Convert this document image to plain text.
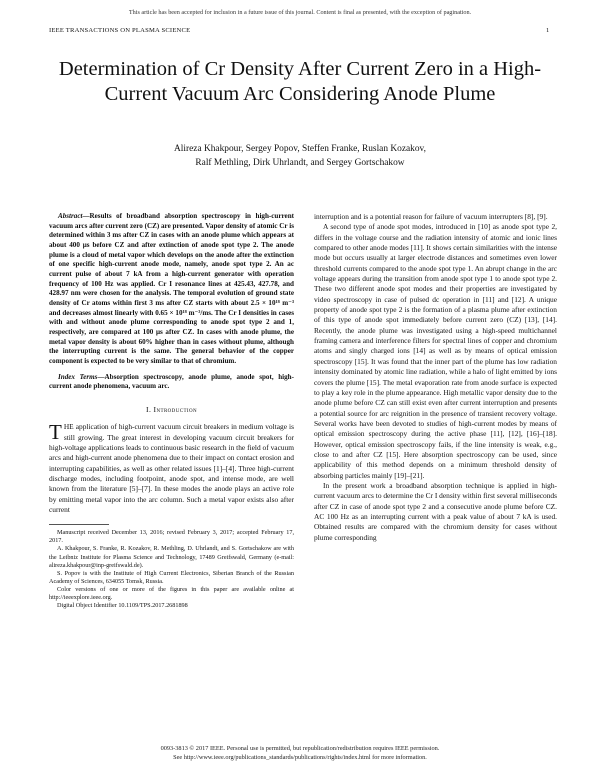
This article has been accepted for inclusion in a future issue of this journal. Content is final as presented, with the exception of pagination.
IEEE TRANSACTIONS ON PLASMA SCIENCE	1
Determination of Cr Density After Current Zero in a High-Current Vacuum Arc Considering Anode Plume
Alireza Khakpour, Sergey Popov, Steffen Franke, Ruslan Kozakov,
Ralf Methling, Dirk Uhrlandt, and Sergey Gortschakow

Abstract—Results of broadband absorption spectroscopy in high-current vacuum arcs after current zero (CZ) are presented. Vapor density of atomic Cr is determined within 3 ms after CZ in cases with an anode plume which appears at about 400 μs before CZ and after extinction of anode spot type 2. The anode plume is a cloud of metal vapor which develops on the anode after the extinction of one specific high-current anode mode, namely, anode spot type 2. An ac current pulse of about 7 kA from a high-current generator with operation frequency of 100 Hz was applied. Cr I resonance lines at 425.43, 427.78, and 428.97 nm were chosen for the analysis. The temporal evolution of ground state density of Cr atoms within first 3 ms after CZ starts with about 2.5 × 10¹⁸ m⁻³ and decreases almost linearly with 0.65 × 10¹⁸ m⁻³/ms. The Cr I densities in cases with and without anode plume corresponding to anode spot type 2 and 1, respectively, are compared at 100 μs after CZ. In cases with anode plume, the metal vapor density is about 60% higher than in cases without plume, although the interrupting current is the same. The general behavior of the copper component is expected to be very similar to that of chromium.

Index Terms—Absorption spectroscopy, anode plume, anode spot, high-current anode phenomena, vacuum arc.

I. Introduction

THE application of high-current vacuum circuit breakers in medium voltage is still growing. The great interest in developing vacuum circuit breakers for high-voltage applications leads to continuous basic research in the field of vacuum arcs and high-current anode phenomena due to their impact on contact erosion and interrupting capabilities, as well as other related issues [1]–[4]. Three high-current discharge modes, including footpoint, anode spot, and intense mode, are well known from the literature [5]–[7]. In these modes the anode plays an active role by emitting metal vapor into the arc column. Such a metal vapor exists also after current

Manuscript received December 13, 2016; revised February 3, 2017; accepted February 17, 2017.

A. Khakpour, S. Franke, R. Kozakov, R. Methling, D. Uhrlandt, and S. Gortschakow are with the Leibniz Institute for Plasma Science and Technology, 17489 Greifswald, Germany (e-mail: alireza.khakpour@inp-greifswald.de).

S. Popov is with the Institute of High Current Electronics, Siberian Branch of the Russian Academy of Sciences, 634055 Tomsk, Russia.

Color versions of one or more of the figures in this paper are available online at http://ieeexplore.ieee.org.

Digital Object Identifier 10.1109/TPS.2017.2681898

interruption and is a potential reason for failure of vacuum interrupters [8], [9].

A second type of anode spot modes, introduced in [10] as anode spot type 2, differs in the voltage course and the radiation intensity of atomic and ionic lines compared to other anode modes [11]. It shows certain similarities with the intense mode but occurs usually at larger electrode distances and sometimes even lower threshold currents compared to the anode spot type 1. An abrupt change in the arc voltage appears during the transition from anode spot type 1 to anode spot type 2. These two different anode spot modes and their properties are investigated by video spectroscopy in case of pulsed dc operation in [11] and [12]. A unique property of anode spot type 2 is the formation of a plasma plume after extinction of this type of anode spot immediately before current zero (CZ) [13], [14]. Recently, the anode plume was investigated using a high-speed multichannel framing camera and interference filters for spectral lines of copper and chromium atoms and singly charged ions [14] as well as by means of optical emission spectroscopy [15]. It was found that the inner part of the plume has low radiation intensity dominated by atomic line radiation, while a halo of light emitted by ions covers the plume [15]. The metal evaporation rate from anode surface is expected to play a key role in the plume appearance. High metallic vapor density due to the anode plume before CZ can still exist even after current interruption and presents a potential source for arc reignition in the presence of transient recovery voltage. Several works have been devoted to studies of high-current modes by means of optical emission spectroscopy during the active phase [11], [12], [16]–[18]. However, optical emission spectroscopy fails, if the line intensity is weak, e.g., close to and after CZ [15]. Here absorption spectroscopy can be used, since applicability of this method depends on a minimum threshold density of absorbing particles mainly [19]–[21].

In the present work a broadband absorption technique is applied in high-current vacuum arcs to determine the Cr I density within first several milliseconds after CZ in case of anode spot type 2 and a consecutive anode plume before CZ. AC 100 Hz as an interrupting current with a peak value of about 7 kA is used. Obtained results are compared with the chromium density for cases without plume corresponding

0093-3813 © 2017 IEEE. Personal use is permitted, but republication/redistribution requires IEEE permission.
See http://www.ieee.org/publications_standards/publications/rights/index.html for more information.
